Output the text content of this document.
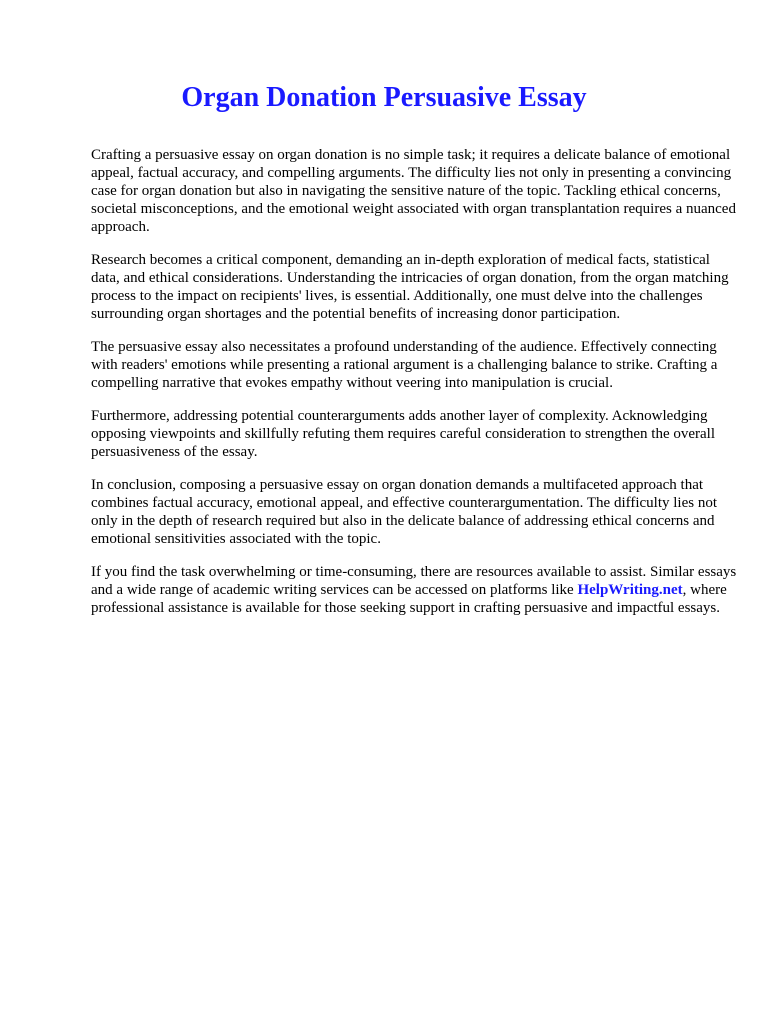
Organ Donation Persuasive Essay

Crafting a persuasive essay on organ donation is no simple task; it requires a delicate balance of emotional appeal, factual accuracy, and compelling arguments. The difficulty lies not only in presenting a convincing case for organ donation but also in navigating the sensitive nature of the topic. Tackling ethical concerns, societal misconceptions, and the emotional weight associated with organ transplantation requires a nuanced approach.

Research becomes a critical component, demanding an in-depth exploration of medical facts, statistical data, and ethical considerations. Understanding the intricacies of organ donation, from the organ matching process to the impact on recipients' lives, is essential. Additionally, one must delve into the challenges surrounding organ shortages and the potential benefits of increasing donor participation.

The persuasive essay also necessitates a profound understanding of the audience. Effectively connecting with readers' emotions while presenting a rational argument is a challenging balance to strike. Crafting a compelling narrative that evokes empathy without veering into manipulation is crucial.

Furthermore, addressing potential counterarguments adds another layer of complexity. Acknowledging opposing viewpoints and skillfully refuting them requires careful consideration to strengthen the overall persuasiveness of the essay.

In conclusion, composing a persuasive essay on organ donation demands a multifaceted approach that combines factual accuracy, emotional appeal, and effective counterargumentation. The difficulty lies not only in the depth of research required but also in the delicate balance of addressing ethical concerns and emotional sensitivities associated with the topic.

If you find the task overwhelming or time-consuming, there are resources available to assist. Similar essays and a wide range of academic writing services can be accessed on platforms like HelpWriting.net, where professional assistance is available for those seeking support in crafting persuasive and impactful essays.
